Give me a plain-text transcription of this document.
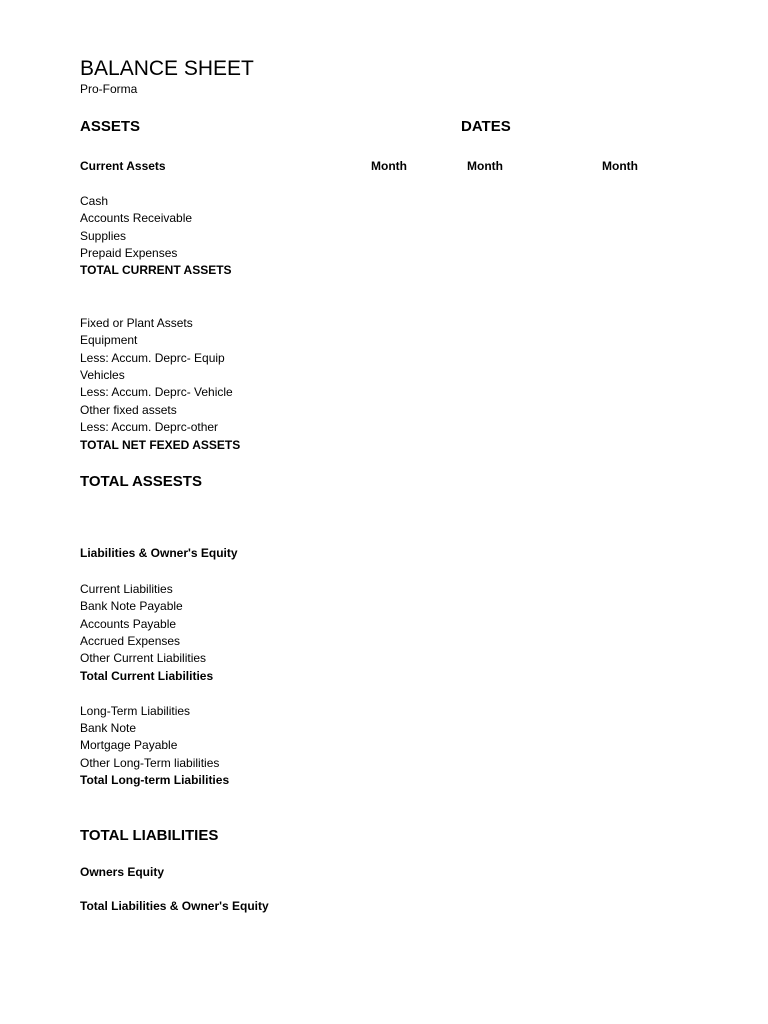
BALANCE SHEET
Pro-Forma
ASSETS	DATES
Current Assets	Month	Month	Month
Cash
Accounts Receivable
Supplies
Prepaid Expenses
TOTAL CURRENT ASSETS
Fixed or Plant Assets
Equipment
Less: Accum. Deprc- Equip
Vehicles
Less: Accum. Deprc- Vehicle
Other fixed assets
Less: Accum. Deprc-other
TOTAL NET FEXED ASSETS
TOTAL ASSESTS
Liabilities & Owner's Equity
Current Liabilities
Bank Note Payable
Accounts Payable
Accrued Expenses
Other Current Liabilities
Total Current Liabilities
Long-Term Liabilities
Bank Note
Mortgage Payable
Other Long-Term liabilities
Total Long-term Liabilities
TOTAL LIABILITIES
Owners Equity
Total Liabilities & Owner's Equity
